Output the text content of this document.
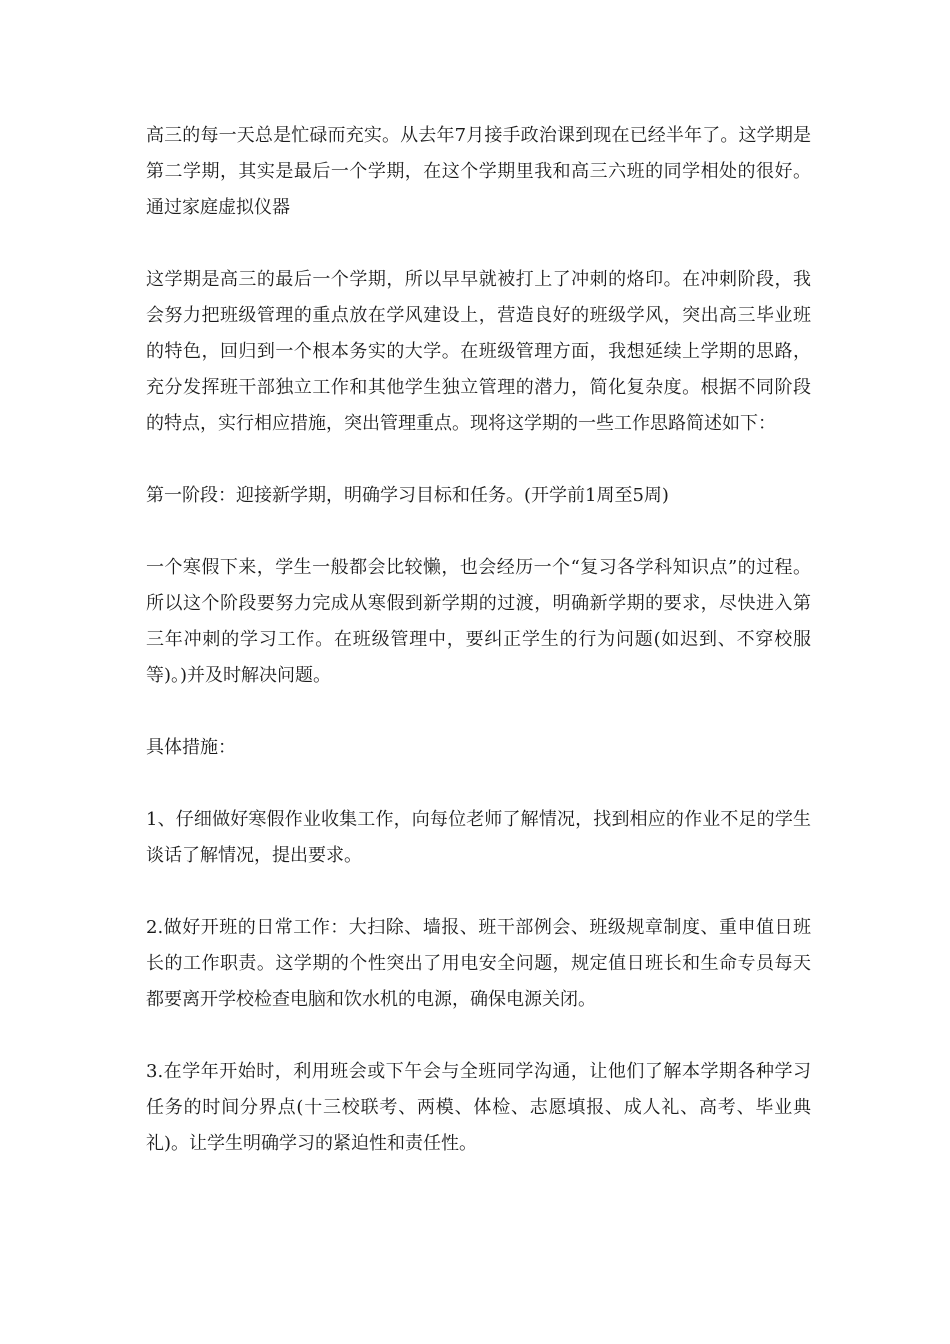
高三的每一天总是忙碌而充实。从去年7月接手政治课到现在已经半年了。这学期是第二学期，其实是最后一个学期，在这个学期里我和高三六班的同学相处的很好。通过家庭虚拟仪器

这学期是高三的最后一个学期，所以早早就被打上了冲刺的烙印。在冲刺阶段，我会努力把班级管理的重点放在学风建设上，营造良好的班级学风，突出高三毕业班的特色，回归到一个根本务实的大学。在班级管理方面，我想延续上学期的思路，充分发挥班干部独立工作和其他学生独立管理的潜力，简化复杂度。根据不同阶段的特点，实行相应措施，突出管理重点。现将这学期的一些工作思路简述如下：

第一阶段：迎接新学期，明确学习目标和任务。(开学前1周至5周)

一个寒假下来，学生一般都会比较懒，也会经历一个“复习各学科知识点”的过程。所以这个阶段要努力完成从寒假到新学期的过渡，明确新学期的要求，尽快进入第三年冲刺的学习工作。在班级管理中，要纠正学生的行为问题(如迟到、不穿校服等)。)并及时解决问题。

具体措施：

1、仔细做好寒假作业收集工作，向每位老师了解情况，找到相应的作业不足的学生谈话了解情况，提出要求。

2.做好开班的日常工作：大扫除、墙报、班干部例会、班级规章制度、重申值日班长的工作职责。这学期的个性突出了用电安全问题，规定值日班长和生命专员每天都要离开学校检查电脑和饮水机的电源，确保电源关闭。

3.在学年开始时，利用班会或下午会与全班同学沟通，让他们了解本学期各种学习任务的时间分界点(十三校联考、两模、体检、志愿填报、成人礼、高考、毕业典礼)。让学生明确学习的紧迫性和责任性。
